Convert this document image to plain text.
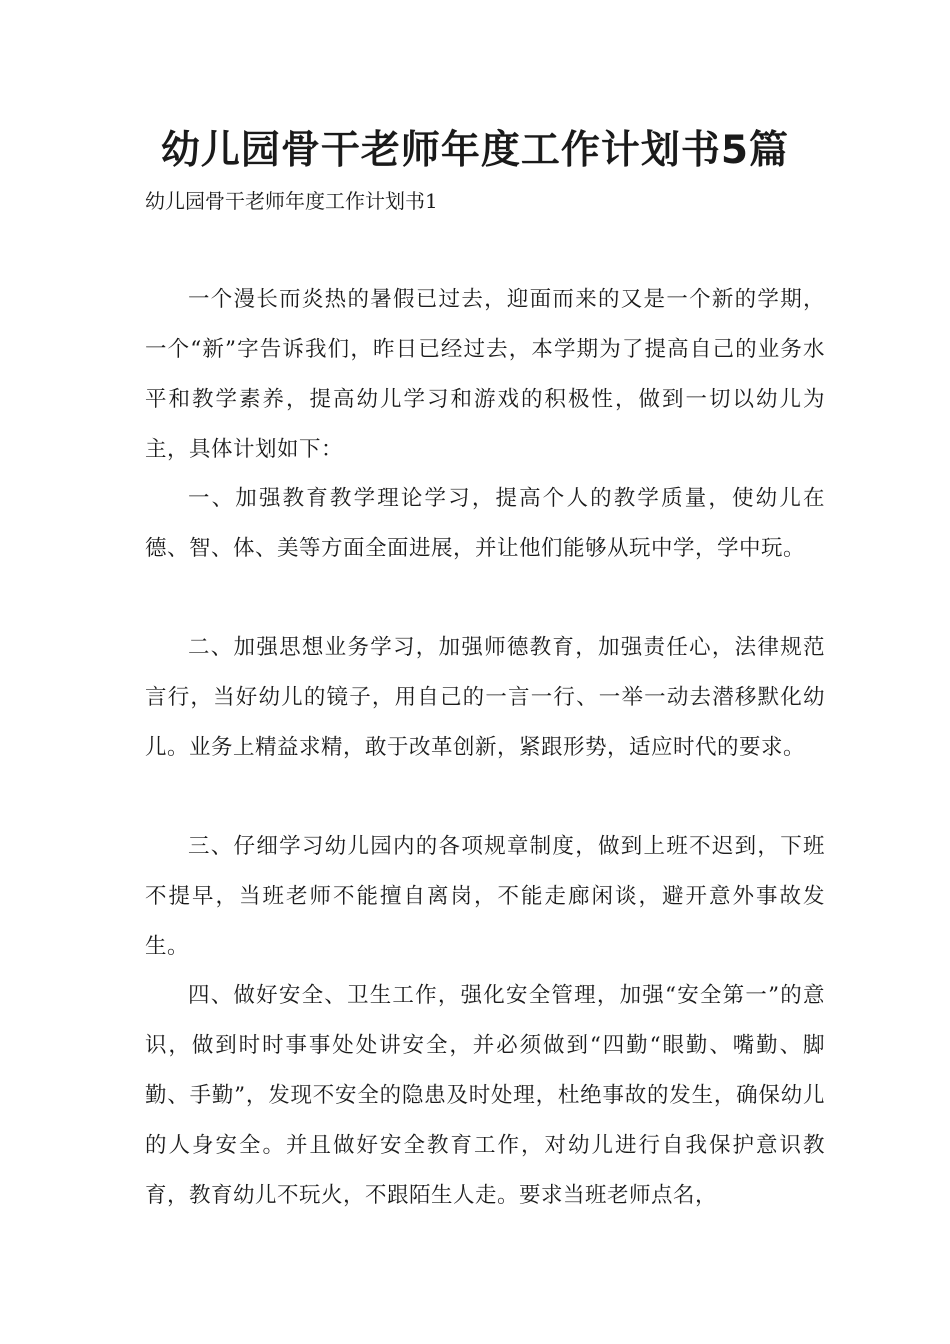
幼儿园骨干老师年度工作计划书5篇
幼儿园骨干老师年度工作计划书1

一个漫长而炎热的暑假已过去，迎面而来的又是一个新的学期，一个“新”字告诉我们，昨日已经过去，本学期为了提高自己的业务水平和教学素养，提高幼儿学习和游戏的积极性，做到一切以幼儿为主，具体计划如下：

一、加强教育教学理论学习，提高个人的教学质量，使幼儿在德、智、体、美等方面全面进展，并让他们能够从玩中学，学中玩。

二、加强思想业务学习，加强师德教育，加强责任心，法律规范言行，当好幼儿的镜子，用自己的一言一行、一举一动去潜移默化幼儿。业务上精益求精，敢于改革创新，紧跟形势，适应时代的要求。

三、仔细学习幼儿园内的各项规章制度，做到上班不迟到，下班不提早，当班老师不能擅自离岗，不能走廊闲谈，避开意外事故发生。

四、做好安全、卫生工作，强化安全管理，加强“安全第一”的意识，做到时时事事处处讲安全，并必须做到“四勤“眼勤、嘴勤、脚勤、手勤”，发现不安全的隐患及时处理，杜绝事故的发生，确保幼儿的人身安全。并且做好安全教育工作，对幼儿进行自我保护意识教育，教育幼儿不玩火，不跟陌生人走。要求当班老师点名，
